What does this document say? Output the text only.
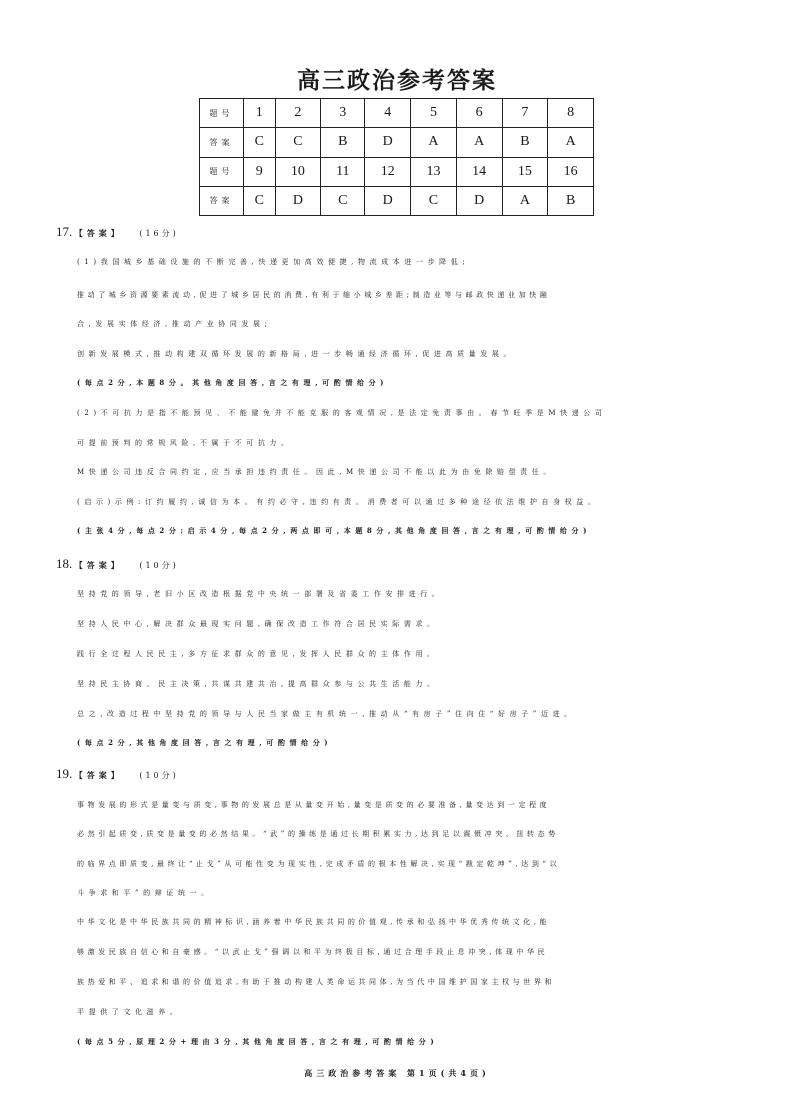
高三政治参考答案
题号	1	2	3	4	5	6	7	8
答案	C	C	B	D	A	A	B	A
题号	9	10	11	12	13	14	15	16
答案	C	D	C	D	C	D	A	B
17. 【答案】 (16分)
(1)我国城乡基础设施的不断完善,快递更加高效便捷,物流成本进一步降低;
推动了城乡资源要素流动,促进了城乡居民的消费,有利于缩小城乡差距;制造业等与邮政快递业加快融
合,发展实体经济,推动产业协同发展;
创新发展模式,推动构建双循环发展的新格局,进一步畅通经济循环,促进高质量发展。
(每点2分,本题8分。其他角度回答,言之有理,可酌情给分)
(2)不可抗力是指不能预见、不能避免并不能克服的客观情况,是法定免责事由。春节旺季是M快递公司
可提前预判的常规风险,不属于不可抗力。
M快递公司违反合同约定,应当承担违约责任。因此,M快递公司不能以此为由免除赔偿责任。
(启示)示例:订约履约,诚信为本。有约必守,违约有责。消费者可以通过多种途径依法维护自身权益。
(主张4分,每点2分;启示4分,每点2分,两点即可,本题8分,其他角度回答,言之有理,可酌情给分)
18. 【答案】 (10分)
坚持党的领导,老旧小区改造根据党中央统一部署及省委工作安排进行。
坚持人民中心,解决群众最现实问题,确保改造工作符合居民实际需求。
践行全过程人民民主,多方征求群众的意见,发挥人民群众的主体作用。
坚持民主协商、民主决策,共谋共建共治,提高群众参与公共生活能力。
总之,改造过程中坚持党的领导与人民当家做主有机统一,推动从“有房子”住向住“好房子”迈进。
(每点2分,其他角度回答,言之有理,可酌情给分)
19. 【答案】 (10分)
事物发展的形式是量变与质变,事物的发展总是从量变开始,量变是质变的必要准备,量变达到一定程度
必然引起质变,质变是量变的必然结果。“武”的操练是通过长期积累实力,达到足以震慑冲突、扭转态势
的临界点即质变,最终让“止戈”从可能性变为现实性,完成矛盾的根本性解决,实现“戡定乾坤”,达到“以
斗争求和平”的辩证统一。
中华文化是中华民族共同的精神标识,涵养着中华民族共同的价值观,传承和弘扬中华优秀传统文化,能
够激发民族自信心和自豪感。“以武止戈”强调以和平为终极目标,通过合理手段止息冲突,体现中华民
族热爱和平、追求和谐的价值追求,有助于推动构建人类命运共同体,为当代中国维护国家主权与世界和
平提供了文化滋养。
(每点5分,原理2分+理由3分,其他角度回答,言之有理,可酌情给分)
高三政治参考答案 第1页(共4页)
